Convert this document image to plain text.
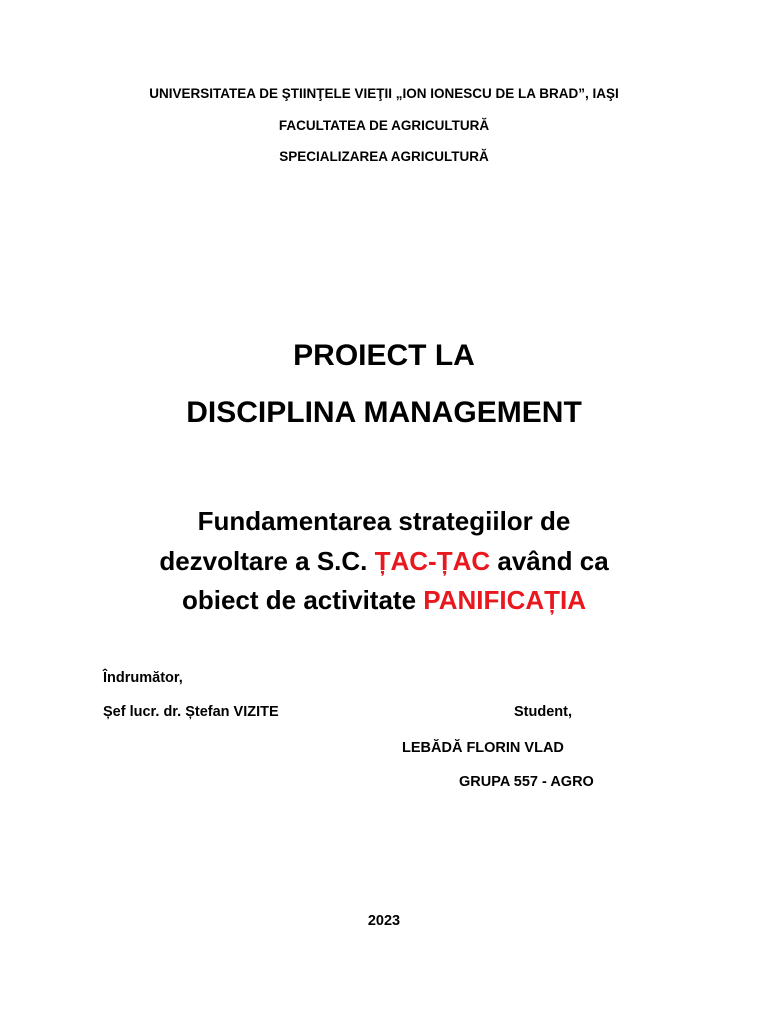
UNIVERSITATEA DE ŞTIINŢELE VIEŢII „ION IONESCU DE LA BRAD”, IAŞI
FACULTATEA DE AGRICULTURĂ
SPECIALIZAREA AGRICULTURĂ
PROIECT LA
DISCIPLINA MANAGEMENT
Fundamentarea strategiilor de
dezvoltare a S.C. ȚAC-ȚAC având ca
obiect de activitate PANIFICAȚIA
Îndrumător,
Șef lucr. dr. Ștefan VIZITE	Student,
LEBĂDĂ FLORIN VLAD
GRUPA 557 - AGRO
2023
